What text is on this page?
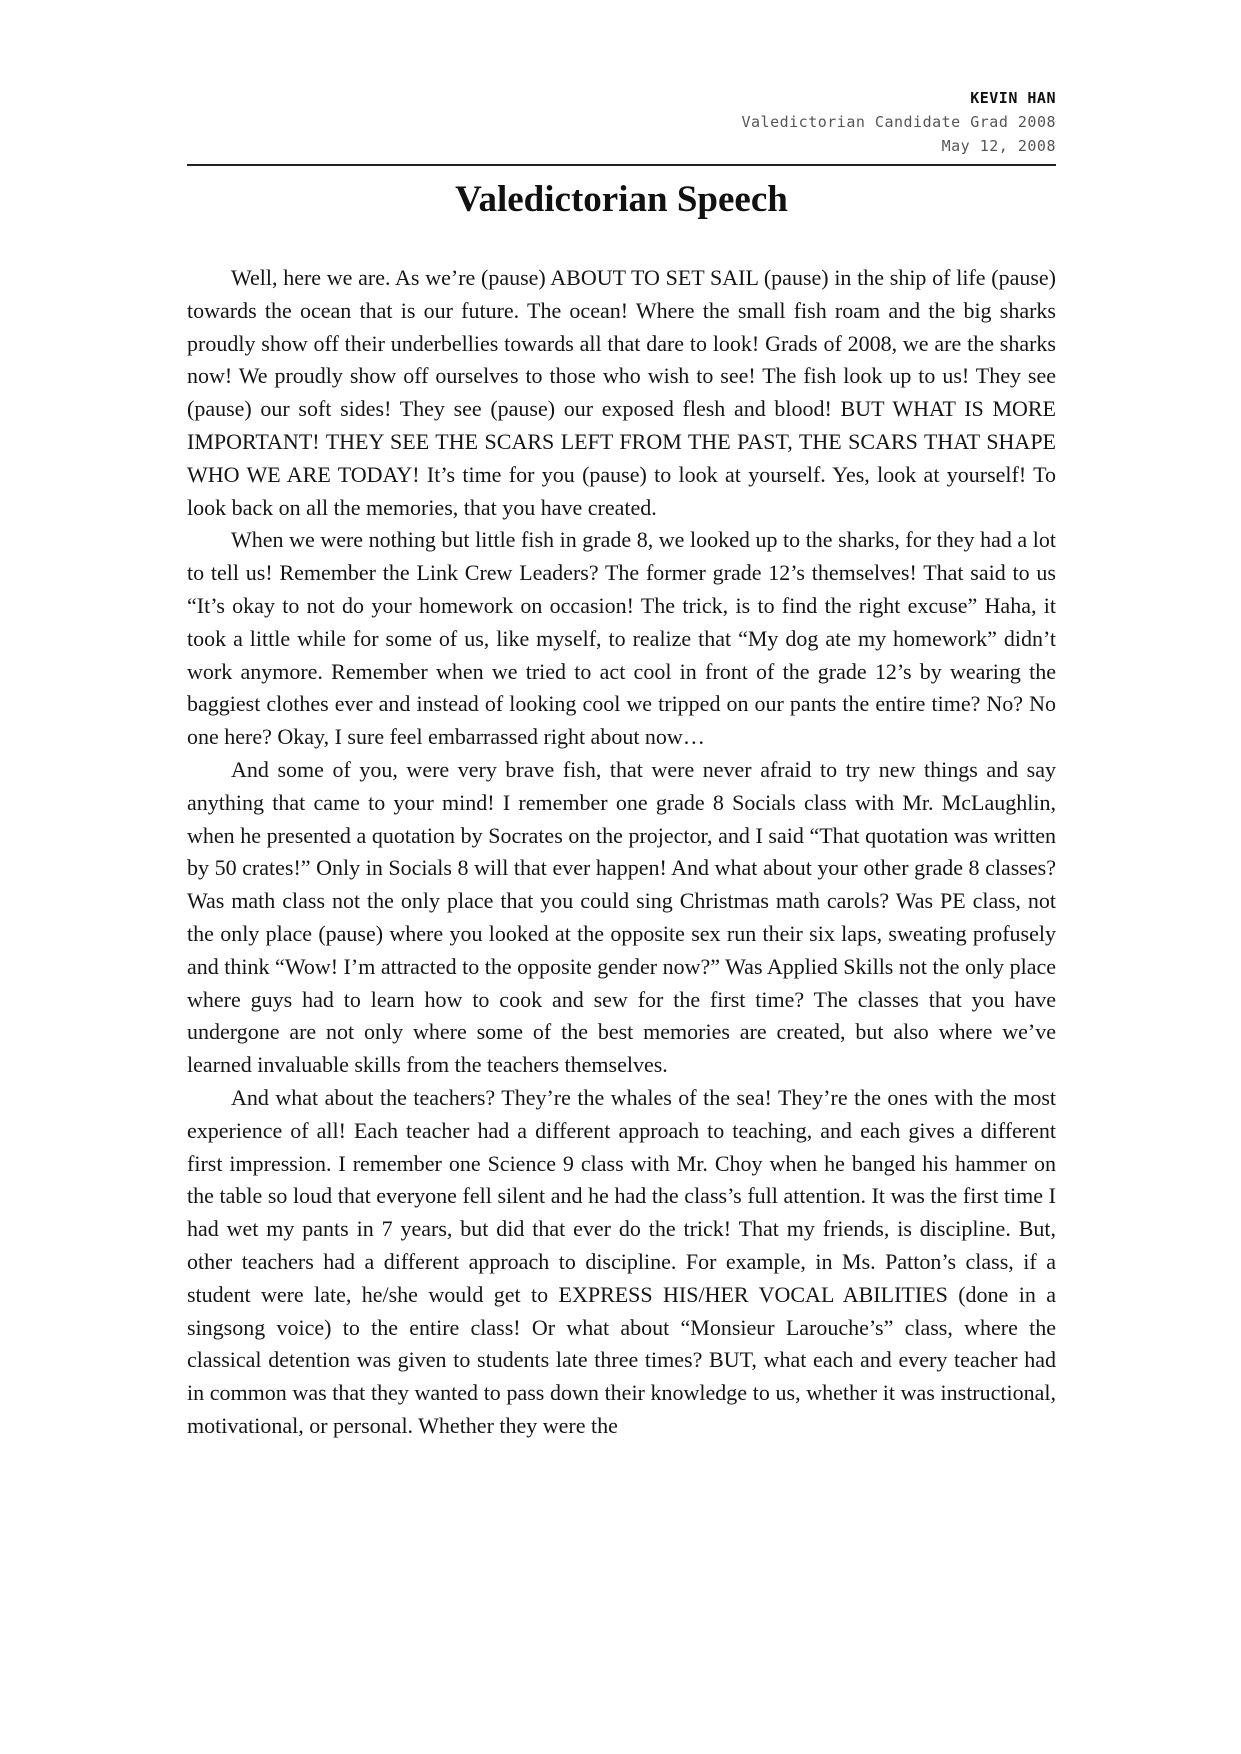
KEVIN HAN
Valedictorian Candidate Grad 2008
May 12, 2008
Valedictorian Speech

Well, here we are. As we’re (pause) ABOUT TO SET SAIL (pause) in the ship of life (pause) towards the ocean that is our future. The ocean! Where the small fish roam and the big sharks proudly show off their underbellies towards all that dare to look! Grads of 2008, we are the sharks now! We proudly show off ourselves to those who wish to see! The fish look up to us! They see (pause) our soft sides! They see (pause) our exposed flesh and blood! BUT WHAT IS MORE IMPORTANT! THEY SEE THE SCARS LEFT FROM THE PAST, THE SCARS THAT SHAPE WHO WE ARE TODAY! It’s time for you (pause) to look at yourself. Yes, look at yourself! To look back on all the memories, that you have created.

When we were nothing but little fish in grade 8, we looked up to the sharks, for they had a lot to tell us! Remember the Link Crew Leaders? The former grade 12’s themselves! That said to us “It’s okay to not do your homework on occasion! The trick, is to find the right excuse” Haha, it took a little while for some of us, like myself, to realize that “My dog ate my homework” didn’t work anymore. Remember when we tried to act cool in front of the grade 12’s by wearing the baggiest clothes ever and instead of looking cool we tripped on our pants the entire time? No? No one here? Okay, I sure feel embarrassed right about now…

And some of you, were very brave fish, that were never afraid to try new things and say anything that came to your mind! I remember one grade 8 Socials class with Mr. McLaughlin, when he presented a quotation by Socrates on the projector, and I said “That quotation was written by 50 crates!” Only in Socials 8 will that ever happen! And what about your other grade 8 classes? Was math class not the only place that you could sing Christmas math carols? Was PE class, not the only place (pause) where you looked at the opposite sex run their six laps, sweating profusely and think “Wow! I’m attracted to the opposite gender now?” Was Applied Skills not the only place where guys had to learn how to cook and sew for the first time? The classes that you have undergone are not only where some of the best memories are created, but also where we’ve learned invaluable skills from the teachers themselves.

And what about the teachers? They’re the whales of the sea! They’re the ones with the most experience of all! Each teacher had a different approach to teaching, and each gives a different first impression. I remember one Science 9 class with Mr. Choy when he banged his hammer on the table so loud that everyone fell silent and he had the class’s full attention. It was the first time I had wet my pants in 7 years, but did that ever do the trick! That my friends, is discipline. But, other teachers had a different approach to discipline. For example, in Ms. Patton’s class, if a student were late, he/she would get to EXPRESS HIS/HER VOCAL ABILITIES (done in a singsong voice) to the entire class! Or what about “Monsieur Larouche’s” class, where the classical detention was given to students late three times? BUT, what each and every teacher had in common was that they wanted to pass down their knowledge to us, whether it was instructional, motivational, or personal. Whether they were the
